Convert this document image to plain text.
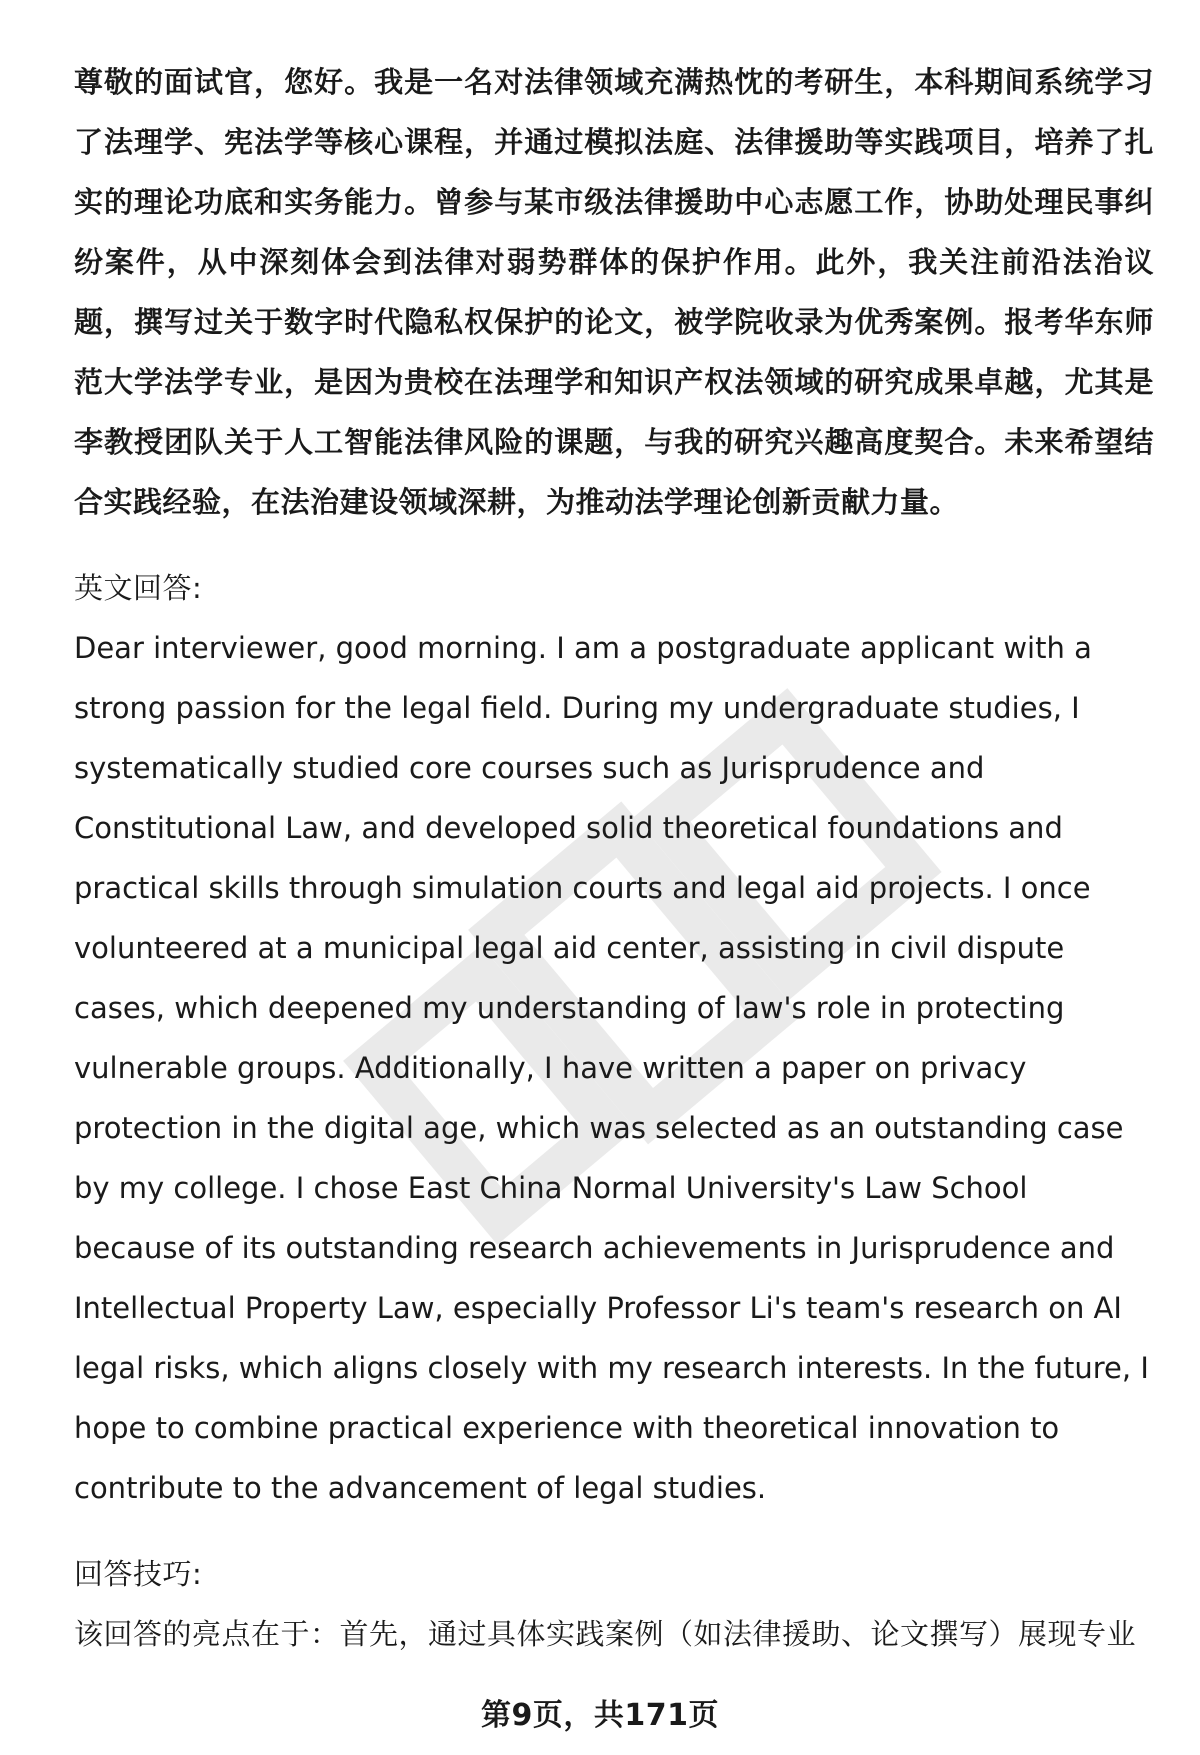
尊敬的面试官，您好。我是一名对法律领域充满热忱的考研生，本科期间系统学习了法理学、宪法学等核心课程，并通过模拟法庭、法律援助等实践项目，培养了扎实的理论功底和实务能力。曾参与某市级法律援助中心志愿工作，协助处理民事纠纷案件，从中深刻体会到法律对弱势群体的保护作用。此外，我关注前沿法治议题，撰写过关于数字时代隐私权保护的论文，被学院收录为优秀案例。报考华东师范大学法学专业，是因为贵校在法理学和知识产权法领域的研究成果卓越，尤其是李教授团队关于人工智能法律风险的课题，与我的研究兴趣高度契合。未来希望结合实践经验，在法治建设领域深耕，为推动法学理论创新贡献力量。

英文回答:

Dear interviewer, good morning. I am a postgraduate applicant with a strong passion for the legal field. During my undergraduate studies, I systematically studied core courses such as Jurisprudence and Constitutional Law, and developed solid theoretical foundations and practical skills through simulation courts and legal aid projects. I once volunteered at a municipal legal aid center, assisting in civil dispute cases, which deepened my understanding of law's role in protecting vulnerable groups. Additionally, I have written a paper on privacy protection in the digital age, which was selected as an outstanding case by my college. I chose East China Normal University's Law School because of its outstanding research achievements in Jurisprudence and Intellectual Property Law, especially Professor Li's team's research on AI legal risks, which aligns closely with my research interests. In the future, I hope to combine practical experience with theoretical innovation to contribute to the advancement of legal studies.

回答技巧:

该回答的亮点在于：首先，通过具体实践案例（如法律援助、论文撰写）展现专业

第9页，共171页
